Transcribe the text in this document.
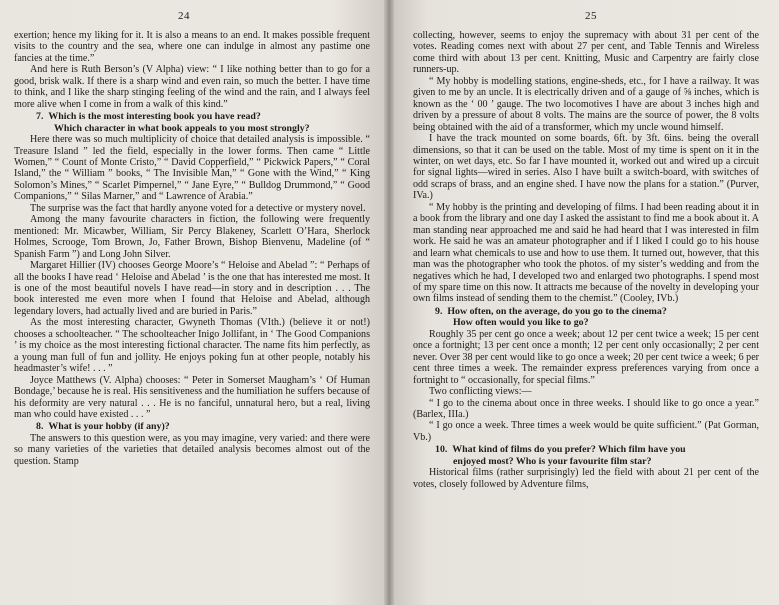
24

exertion; hence my liking for it. It is also a means to an end. It makes possible frequent visits to the country and the sea, where one can indulge in almost any pastime one fancies at the time.”

And here is Ruth Berson’s (V Alpha) view: “ I like nothing better than to go for a good, brisk walk. If there is a sharp wind and even rain, so much the better. I have time to think, and I like the sharp stinging feeling of the wind and the rain, and I always feel more alive when I come in from a walk of this kind.”

7. Which is the most interesting book you have read?
Which character in what book appeals to you most strongly?

Here there was so much multiplicity of choice that detailed analysis is impossible. “ Treasure Island ” led the field, especially in the lower forms. Then came “ Little Women,” “ Count of Monte Cristo,” “ David Copperfield,” “ Pickwick Papers,” “ Coral Island,” the “ William ” books, “ The Invisible Man,” “ Gone with the Wind,” “ King Solomon’s Mines,” “ Scarlet Pimpernel,” “ Jane Eyre,” “ Bulldog Drummond,” “ Good Companions,” “ Silas Marner,” and “ Lawrence of Arabia.”

The surprise was the fact that hardly anyone voted for a detective or mystery novel.

Among the many favourite characters in fiction, the following were frequently mentioned: Mr. Micawber, William, Sir Percy Blakeney, Scarlett O’Hara, Sherlock Holmes, Scrooge, Tom Brown, Jo, Father Brown, Bishop Bienvenu, Madeline (of “ Spanish Farm ”) and Long John Silver.

Margaret Hillier (IV) chooses George Moore’s “ Heloise and Abelad ”: “ Perhaps of all the books I have read ‘ Heloise and Abelad ’ is the one that has interested me most. It is one of the most beautiful novels I have read—in story and in description . . . The book interested me even more when I found that Heloise and Abelad, although legendary lovers, had actually lived and are buried in Paris.”

As the most interesting character, Gwyneth Thomas (VIth.) (believe it or not!) chooses a schoolteacher. “ The schoolteacher Inigo Jollifant, in ‘ The Good Companions ’ is my choice as the most interesting fictional character. The name fits him perfectly, as a young man full of fun and jollity. He enjoys poking fun at other people, notably his headmaster’s wife! . . . ”

Joyce Matthews (V. Alpha) chooses: “ Peter in Somerset Maugham’s ‘ Of Human Bondage,’ because he is real. His sensitiveness and the humiliation he suffers because of his deformity are very natural . . . He is no fanciful, unnatural hero, but a real, living man who could have existed . . . ”

8. What is your hobby (if any)?

The answers to this question were, as you may imagine, very varied: and there were so many varieties of the varieties that detailed analysis becomes almost out of the question. Stamp

25

collecting, however, seems to enjoy the supremacy with about 31 per cent of the votes. Reading comes next with about 27 per cent, and Table Tennis and Wireless come third with about 13 per cent. Knitting, Music and Carpentry are fairly close runners-up.

“ My hobby is modelling stations, engine-sheds, etc., for I have a railway. It was given to me by an uncle. It is electrically driven and of a gauge of ⅝ inches, which is known as the ‘ 00 ’ gauge. The two locomotives I have are about 3 inches high and driven by a pressure of about 8 volts. The mains are the source of power, the 8 volts being obtained with the aid of a transformer, which my uncle wound himself.

I have the track mounted on some boards, 6ft. by 3ft. 6ins. being the overall dimensions, so that it can be used on the table. Most of my time is spent on it in the winter, on wet days, etc. So far I have mounted it, worked out and wired up a circuit for signal lights—wired in series. Also I have built a switch-board, with switches of odd scraps of brass, and an engine shed. I have now the plans for a station.” (Purver, IVa.)

“ My hobby is the printing and developing of films. I had been reading about it in a book from the library and one day I asked the assistant to find me a book about it. A man standing near approached me and said he had heard that I was interested in film work. He said he was an amateur photographer and if I liked I could go to his house and learn what chemicals to use and how to use them. It turned out, however, that this man was the photographer who took the photos. of my sister’s wedding and from the negatives which he had, I developed two and enlarged two photographs. I spend most of my spare time on this now. It attracts me because of the novelty in developing your own films instead of sending them to the chemist.” (Cooley, IVb.)

9. How often, on the average, do you go to the cinema?
How often would you like to go?

Roughly 35 per cent go once a week; about 12 per cent twice a week; 15 per cent once a fortnight; 13 per cent once a month; 12 per cent only occasionally; 2 per cent never. Over 38 per cent would like to go once a week; 20 per cent twice a week; 6 per cent three times a week. The remainder express preferences varying from once a fortnight to “ occasionally, for special films.”

Two conflicting views:—

“ I go to the cinema about once in three weeks. I should like to go once a year.” (Barlex, IIIa.)

“ I go once a week. Three times a week would be quite sufficient.” (Pat Gorman, Vb.)

10. What kind of films do you prefer? Which film have you
enjoyed most? Who is your favourite film star?

Historical films (rather surprisingly) led the field with about 21 per cent of the votes, closely followed by Adventure films,
